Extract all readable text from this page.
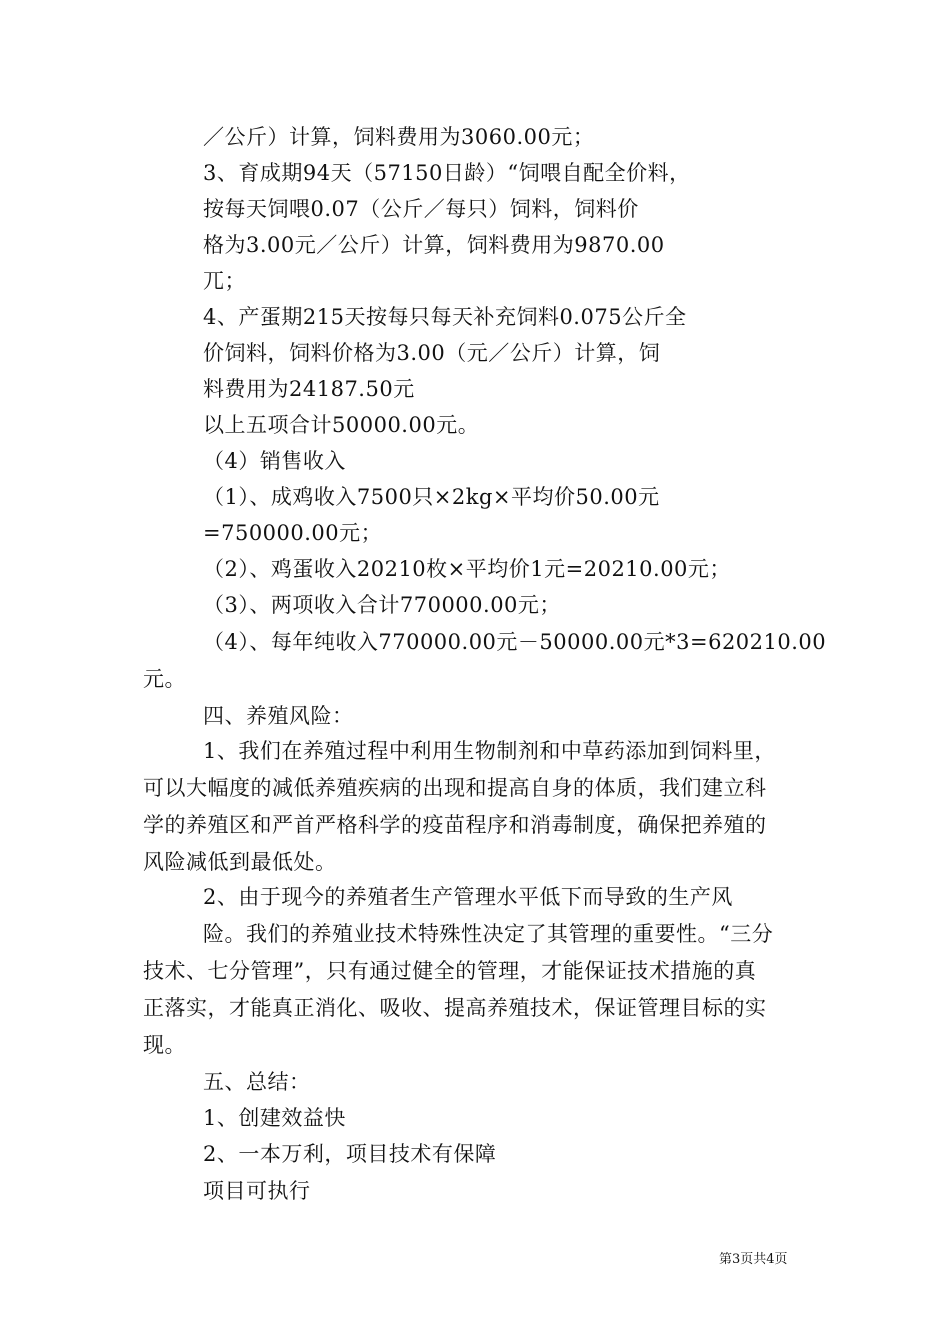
／公斤）计算，饲料费用为3060.00元；
3、育成期94天（57150日龄）“饲喂自配全价料，
按每天饲喂0.07（公斤／每只）饲料，饲料价
格为3.00元／公斤）计算，饲料费用为9870.00
兀；
4、产蛋期215天按每只每天补充饲料0.075公斤全
价饲料，饲料价格为3.00（元／公斤）计算，饲
料费用为24187.50元
以上五项合计50000.00元。
（4）销售收入
（1）、成鸡收入7500只×2kg×平均价50.00元
=750000.00元；
（2）、鸡蛋收入20210枚×平均价1元=20210.00元；
（3）、两项收入合计770000.00元；
（4）、每年纯收入770000.00元－50000.00元*3=620210.00
元。
四、养殖风险：
1、我们在养殖过程中利用生物制剂和中草药添加到饲料里，
可以大幅度的减低养殖疾病的出现和提高自身的体质，我们建立科
学的养殖区和严首严格科学的疫苗程序和消毒制度，确保把养殖的
风险减低到最低处。
2、由于现今的养殖者生产管理水平低下而导致的生产风
险。我们的养殖业技术特殊性决定了其管理的重要性。“三分
技术、七分管理”，只有通过健全的管理，才能保证技术措施的真
正落实，才能真正消化、吸收、提高养殖技术，保证管理目标的实
现。
五、总结：
1、创建效益快
2、一本万利，项目技术有保障
项目可执行
第3页共4页
